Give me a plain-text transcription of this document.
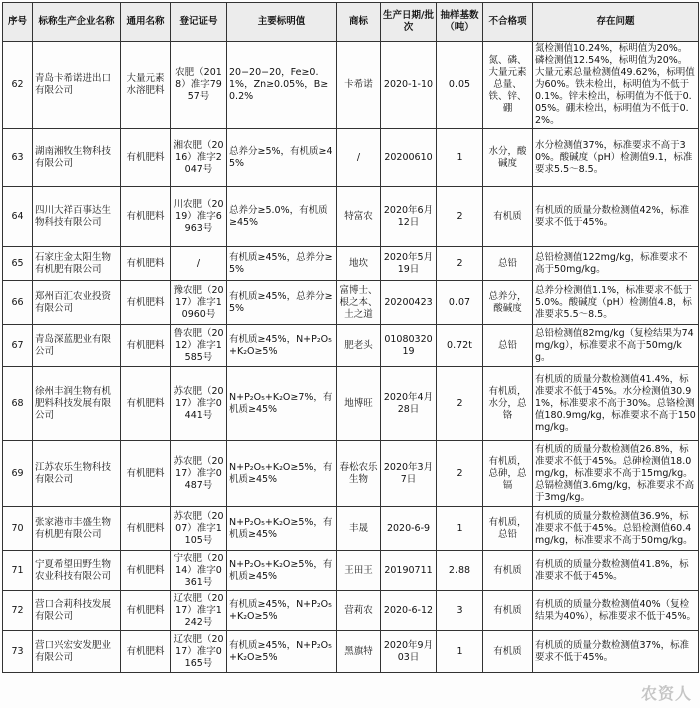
序号	标称生产企业名称	通用名称	登记证号	主要标明值	商标	生产日期/批次	抽样基数（吨）	不合格项	存在问题
62	青岛卡希诺进出口有限公司	大量元素水溶肥料	农肥（2018）准字7957号	20−20−20，Fe≥0.1%，Zn≥0.05%，B≥0.2%	卡希诺	2020-1-10	0.05	氮、磷、大量元素总量、铁、锌、硼	氮检测值10.24%，标明值为20%。磷检测值12.54%，标明值为20%。大量元素总量检测值49.62%，标明值为60%。铁未检出，标明值为不低于0.1%。锌未检出，标明值为不低于0.05%。硼未检出，标明值为不低于0.2%。
63	湖南湘牧生物科技有限公司	有机肥料	湘农肥（2016）准字2047号	总养分≥5%，有机质≥45%	/	20200610	1	水分，酸碱度	水分检测值37%，标准要求不高于30%。酸碱度（pH）检测值9.1，标准要求5.5～8.5。
64	四川大祥百事达生物科技有限公司	有机肥料	川农肥（2019）准字6963号	总养分≥5.0%，有机质≥45%	特富农	2020年6月12日	2	有机质	有机质的质量分数检测值42%，标准要求不低于45%。
65	石家庄金太阳生物有机肥有限公司	有机肥料	/	有机质≥45%，总养分≥5%	地坎	2020年5月19日	2	总铅	总铅检测值122mg/kg，标准要求不高于50mg/kg。
66	郑州百汇农业投资有限公司	有机肥料	豫农肥（2017）准字10960号	有机质≥45%，总养分≥5%	富博士、根之本、土之道	20200423	0.07	总养分，酸碱度	总养分检测值1.1%，标准要求不低于5.0%。酸碱度（pH）检测值4.8，标准要求5.5～8.5。
67	青岛深蓝肥业有限公司	有机肥料	鲁农肥（2012）准字1585号	有机质≥45%，N+P₂O₅+K₂O≥5%	肥老头	0108032019	0.72t	总铅	总铅检测值82mg/kg（复检结果为74mg/kg），标准要求不高于50mg/kg。
68	徐州丰润生物有机肥料科技发展有限公司	有机肥料	苏农肥（2017）准字0441号	N+P₂O₅+K₂O≥7%，有机质≥45%	地博旺	2020年4月28日	2	有机质，水分，总铬	有机质的质量分数检测值41.4%，标准要求不低于45%。水分检测值30.91%，标准要求不高于30%。总铬检测值180.9mg/kg，标准要求不高于150mg/kg。
69	江苏农乐生物科技有限公司	有机肥料	苏农肥（2017）准字0487号	N+P₂O₅+K₂O≥5%，有机质≥45%	春松农乐生物	2020年3月7日	2	有机质，总砷，总镉	有机质的质量分数检测值26.8%，标准要求不低于45%。总砷检测值18.0mg/kg，标准要求不高于15mg/kg。总镉检测值3.6mg/kg，标准要求不高于3mg/kg。
70	张家港市丰盛生物有机肥有限公司	有机肥料	苏农肥（2007）准字1105号	N+P₂O₅+K₂O≥5%，有机质≥45%	丰晟	2020-6-9	1	有机质，总铅	有机质的质量分数检测值36.9%，标准要求不低于45%。总铅检测值60.4mg/kg，标准要求不高于50mg/kg。
71	宁夏希望田野生物农业科技有限公司	有机肥料	宁农肥（2014）准字0361号	N+P₂O₅+K₂O≥5%，有机质≥45%	王田王	20190711	2.88	有机质	有机质的质量分数检测值41.8%，标准要求不低于45%。
72	营口合莉科技发展有限公司	有机肥料	辽农肥（2017）准字1242号	有机质≥45%，N+P₂O₅+K₂O≥5%	营莉农	2020-6-12	3	有机质	有机质的质量分数检测值40%（复检结果为40%），标准要求不低于45%。
73	营口兴宏安发肥业有限公司	有机肥料	辽农肥（2017）准字0165号	有机质≥45%，N+P₂O₅+K₂O≥5%	黑旗特	2020年9月03日	1	有机质	有机质的质量分数检测值37%，标准要求不低于45%。
农资人
